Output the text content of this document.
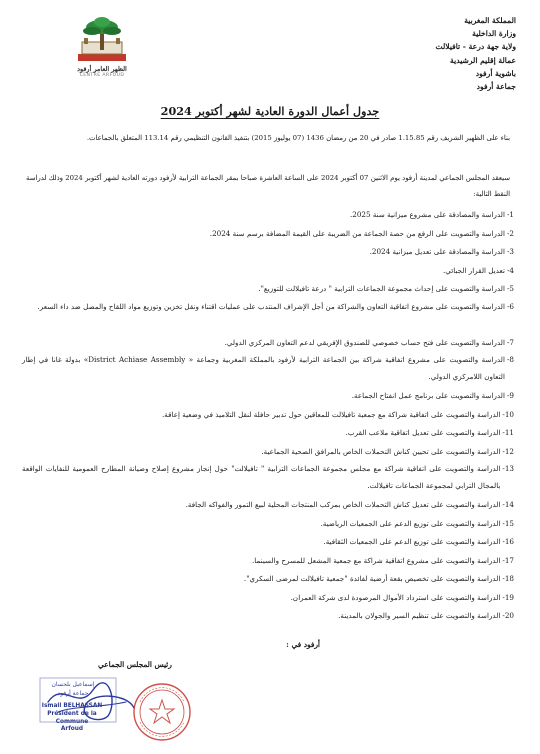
المملكة المغربية
وزارة الداخلية
ولاية جهة درعة - تافيلالت
عمالة إقليم الرشيدية
باشوية أرفود
جماعة أرفود
الظهر العامر أرفود
CENTRE ARFOUD
جدول أعمال الدورة العادية لشهر أكتوبر 2024
بناء على الظهير الشريف رقم 1.15.85 صادر في 20 من رمضان 1436 (07 يوليوز 2015) بتنفيذ القانون التنظيمي رقم 113.14 المتعلق بالجماعات.
سيعقد المجلس الجماعي لمدينة أرفود يوم الاثنين 07 أكتوبر 2024 على الساعة العاشرة صباحا بمقر الجماعة الترابية لأرفود دورته العادية لشهر أكتوبر 2024 وذلك لدراسة النقط التالية:
1-
الدراسة والمصادقة على مشروع ميزانية سنة 2025.
2-
الدراسة والتصويت على الرفع من حصة الجماعة من الضريبة على القيمة المضافة برسم سنة 2024.
3-
الدراسة والمصادقة على تعديل ميزانية 2024.
4-
تعديل القرار الجبائي.
5-
الدراسة والتصويت على إحداث مجموعة الجماعات الترابية " درعة تافيلالت للتوزيع".
6-
الدراسة والتصويت على مشروع اتفاقية التعاون والشراكة من أجل الإشراف المنتدب على عمليات اقتناء ونقل تخزين وتوزيع مواد اللقاح والمصل ضد داء السعر.
7-
الدراسة والتصويت على فتح حساب خصوصي للصندوق الإفريقي لدعم التعاون المركزي الدولي.
8-
الدراسة والتصويت على مشروع اتفاقية شراكة بين الجماعة الترابية لأرفود بالمملكة المغربية وجماعة « District Achiase Assembly» بدولة غانا في إطار التعاون اللامركزي الدولي.
9-
الدراسة والتصويت على برنامج عمل انفتاح الجماعة.
10-
الدراسة والتصويت على اتفاقية شراكة مع جمعية تافيلالت للمعاقين حول تدبير حافلة لنقل التلاميذ في وضعية إعاقة.
11-
الدراسة والتصويت على تعديل اتفاقية ملاعب القرب.
12-
الدراسة والتصويت على تحيين كناش التحملات الخاص بالمرافق الصحية الجماعية.
13-
الدراسة والتصويت على اتفاقية شراكة مع مجلس مجموعة الجماعات الترابية " تافيلالت" حول إنجاز مشروع إصلاح وصيانة المطارح العمومية للنفايات الواقعة بالمجال الترابي لمجموعة الجماعات تافيلالت.
14-
الدراسة والتصويت على تعديل كناش التحملات الخاص بمركب المنتجات المحلية لبيع التمور والفواكه الجافة.
15-
الدراسة والتصويت على توزيع الدعم على الجمعيات الرياضية.
16-
الدراسة والتصويت على توزيع الدعم على الجمعيات الثقافية.
17-
الدراسة والتصويت على مشروع اتفاقية شراكة مع جمعية المشعل للمسرح والسينما.
18-
الدراسة والتصويت على تخصيص بقعة أرضية لفائدة "جمعية تافيلالت لمرضى السكري".
19-
الدراسة والتصويت على استرداد الأموال المرصودة لدى شركة العمران.
20-
الدراسة والتصويت على تنظيم السير والجولان بالمدينة.
أرفود في :
رئيس المجلس الجماعي
إسماعيل بلحسان
جماعة أرفود
Ismail BELHASSAN
Président de la Commune
Arfoud
